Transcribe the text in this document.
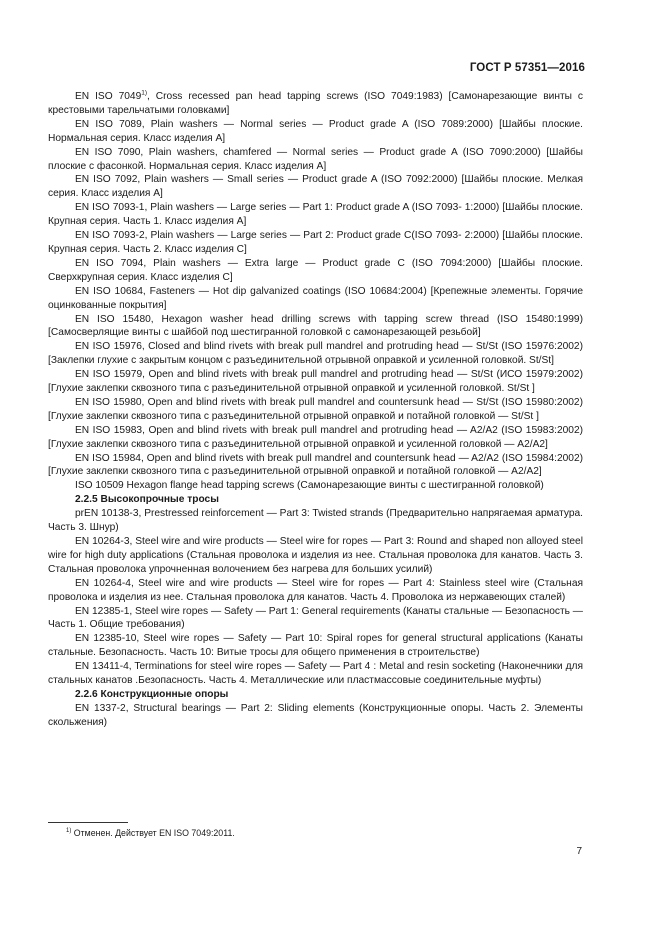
ГОСТ Р 57351—2016

EN ISO 7049$^{1)}$, Cross recessed pan head tapping screws (ISO 7049:1983) [Самонарезающие винты с крестовыми тарельчатыми головками]

EN ISO 7089, Plain washers — Normal series — Product grade A (ISO 7089:2000) [Шайбы плоские. Нормальная серия. Класс изделия А]

EN ISO 7090, Plain washers, chamfered — Normal series — Product grade A (ISO 7090:2000) [Шайбы плоские с фасонкой. Нормальная серия. Класс изделия А]

EN ISO 7092, Plain washers — Small series — Product grade A (ISO 7092:2000) [Шайбы плоские. Мелкая серия. Класс изделия А]

EN ISO 7093-1, Plain washers — Large series — Part 1: Product grade A (ISO 7093- 1:2000) [Шайбы плоские. Крупная серия. Часть 1. Класс изделия А]

EN ISO 7093-2, Plain washers — Large series — Part 2: Product grade C(ISO 7093- 2:2000) [Шайбы плоские. Крупная серия. Часть 2. Класс изделия С]

EN ISO 7094, Plain washers — Extra large — Product grade C (ISO 7094:2000) [Шайбы плоские. Сверхкрупная серия. Класс изделия С]

EN ISO 10684, Fasteners — Hot dip galvanized coatings (ISO 10684:2004) [Крепежные элементы. Горячие оцинкованные покрытия]

EN ISO 15480, Hexagon washer head drilling screws with tapping screw thread (ISO 15480:1999) [Самосверлящие винты с шайбой под шестигранной головкой с самонарезающей резьбой]

EN ISO 15976, Closed and blind rivets with break pull mandrel and protruding head — St/St (ISO 15976:2002) [Заклепки глухие с закрытым концом с разъединительной отрывной оправкой и усиленной головкой. St/St]

EN ISO 15979, Open and blind rivets with break pull mandrel and protruding head — St/St (ИСО 15979:2002) [Глухие заклепки сквозного типа с разъединительной отрывной оправкой и усиленной головкой. St/St ]

EN ISO 15980, Open and blind rivets with break pull mandrel and countersunk head — St/St (ISO 15980:2002) [Глухие заклепки сквозного типа с разъединительной отрывной оправкой и потайной головкой — St/St ]

EN ISO 15983, Open and blind rivets with break pull mandrel and protruding head — A2/A2 (ISO 15983:2002) [Глухие заклепки сквозного типа с разъединительной отрывной оправкой и усиленной головкой — A2/A2]

EN ISO 15984, Open and blind rivets with break pull mandrel and countersunk head — A2/A2 (ISO 15984:2002) [Глухие заклепки сквозного типа с разъединительной отрывной оправкой и потайной головкой — A2/A2]

ISO 10509 Hexagon flange head tapping screws (Самонарезающие винты с шестигранной головкой)

2.2.5 Высокопрочные тросы

prEN 10138-3, Prestressed reinforcement — Part 3: Twisted strands (Предварительно напрягаемая арматура. Часть 3. Шнур)

EN 10264-3, Steel wire and wire products — Steel wire for ropes — Part 3: Round and shaped non alloyed steel wire for high duty applications (Стальная проволока и изделия из нее. Стальная проволока для канатов. Часть 3. Стальная проволока упрочненная волочением без нагрева для больших усилий)

EN 10264-4, Steel wire and wire products — Steel wire for ropes — Part 4: Stainless steel wire (Стальная проволока и изделия из нее. Стальная проволока для канатов. Часть 4. Проволока из нержавеющих сталей)

EN 12385-1, Steel wire ropes — Safety — Part 1: General requirements (Канаты стальные — Безопасность — Часть 1. Общие требования)

EN 12385-10, Steel wire ropes — Safety — Part 10: Spiral ropes for general structural applications (Канаты стальные. Безопасность. Часть 10: Витые тросы для общего применения в строительстве)

EN 13411-4, Terminations for steel wire ropes — Safety — Part 4 : Metal and resin socketing (Наконечники для стальных канатов .Безопасность. Часть 4. Металлические или пластмассовые соединительные муфты)

2.2.6 Конструкционные опоры

EN 1337-2, Structural bearings — Part 2: Sliding elements (Конструкционные опоры. Часть 2. Элементы скольжения)

$^{1)}$ Отменен. Действует EN ISO 7049:2011.
7
